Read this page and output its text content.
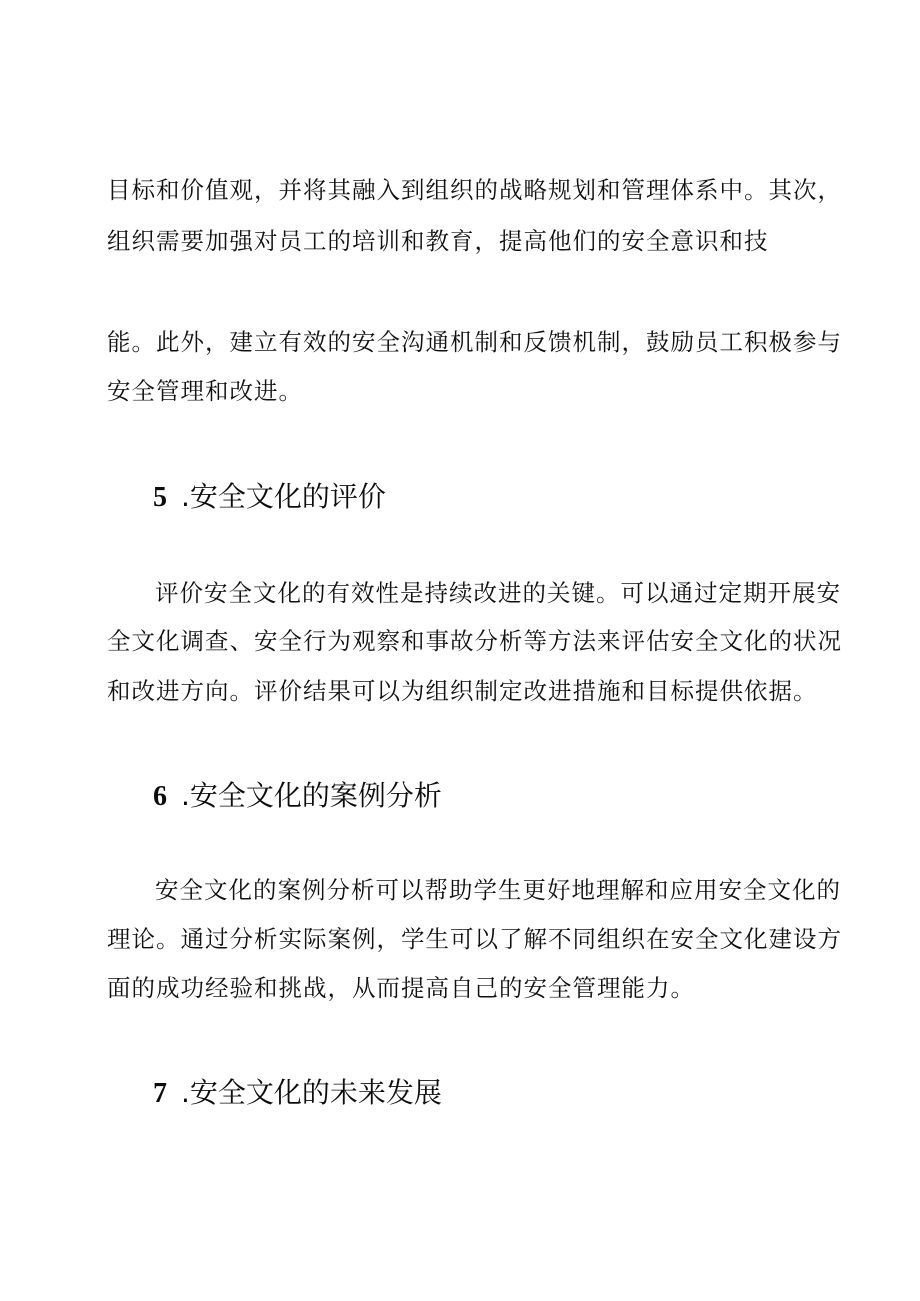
目标和价值观，并将其融入到组织的战略规划和管理体系中。其次，
组织需要加强对员工的培训和教育，提高他们的安全意识和技
能。此外，建立有效的安全沟通机制和反馈机制，鼓励员工积极参与
安全管理和改进。
5 .安全文化的评价
评价安全文化的有效性是持续改进的关键。可以通过定期开展安
全文化调查、安全行为观察和事故分析等方法来评估安全文化的状况
和改进方向。评价结果可以为组织制定改进措施和目标提供依据。
6 .安全文化的案例分析
安全文化的案例分析可以帮助学生更好地理解和应用安全文化的
理论。通过分析实际案例，学生可以了解不同组织在安全文化建设方
面的成功经验和挑战，从而提高自己的安全管理能力。
7 .安全文化的未来发展
